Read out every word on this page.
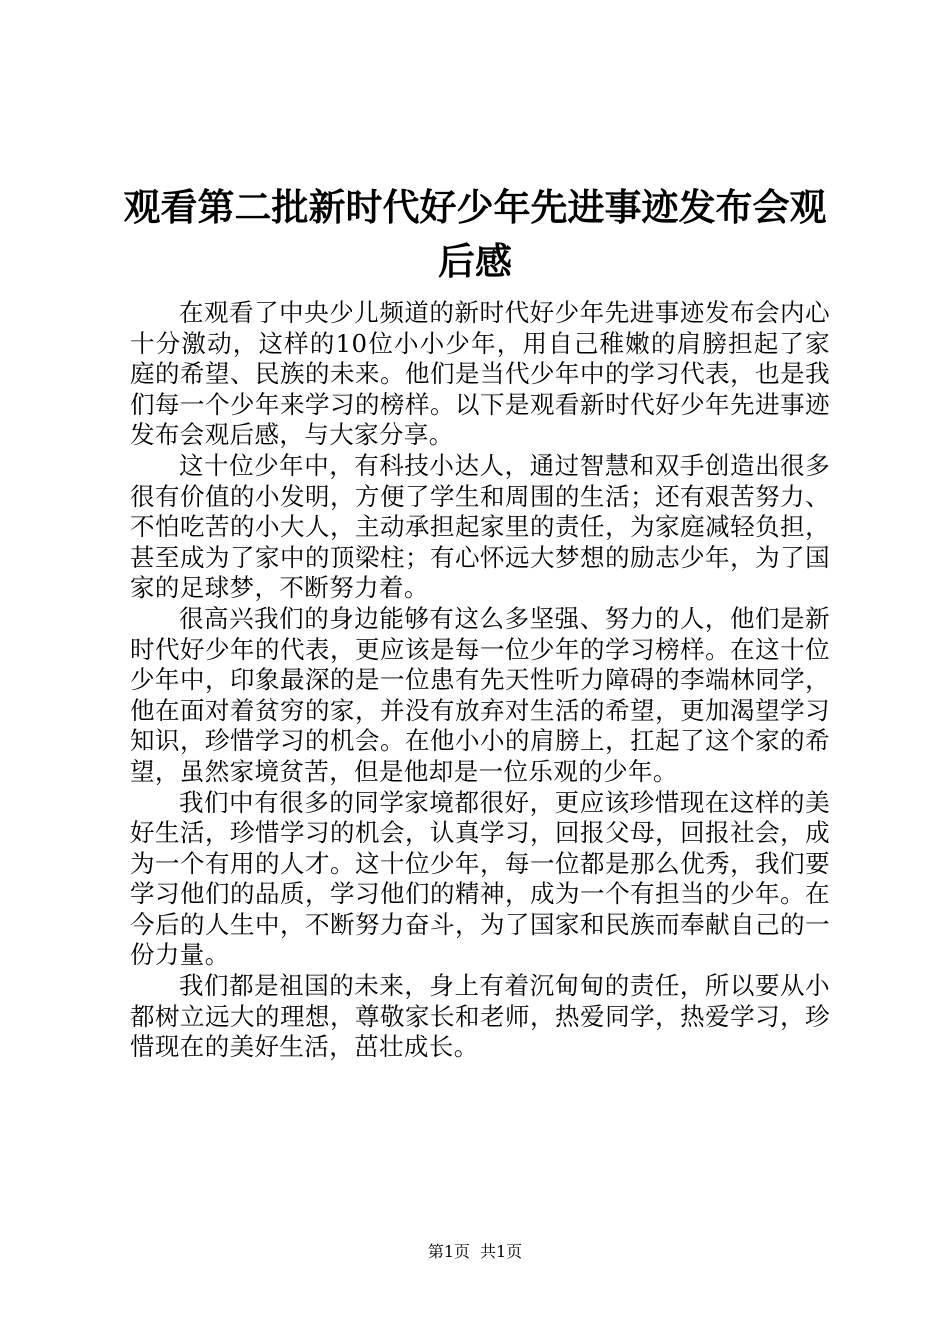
观看第二批新时代好少年先进事迹发布会观后感

在观看了中央少儿频道的新时代好少年先进事迹发布会内心十分激动，这样的10位小小少年，用自己稚嫩的肩膀担起了家庭的希望、民族的未来。他们是当代少年中的学习代表，也是我们每一个少年来学习的榜样。以下是观看新时代好少年先进事迹发布会观后感，与大家分享。

这十位少年中，有科技小达人，通过智慧和双手创造出很多很有价值的小发明，方便了学生和周围的生活；还有艰苦努力、不怕吃苦的小大人，主动承担起家里的责任，为家庭减轻负担，甚至成为了家中的顶梁柱；有心怀远大梦想的励志少年，为了国家的足球梦，不断努力着。

很高兴我们的身边能够有这么多坚强、努力的人，他们是新时代好少年的代表，更应该是每一位少年的学习榜样。在这十位少年中，印象最深的是一位患有先天性听力障碍的李端林同学，他在面对着贫穷的家，并没有放弃对生活的希望，更加渴望学习知识，珍惜学习的机会。在他小小的肩膀上，扛起了这个家的希望，虽然家境贫苦，但是他却是一位乐观的少年。

我们中有很多的同学家境都很好，更应该珍惜现在这样的美好生活，珍惜学习的机会，认真学习，回报父母，回报社会，成为一个有用的人才。这十位少年，每一位都是那么优秀，我们要学习他们的品质，学习他们的精神，成为一个有担当的少年。在今后的人生中，不断努力奋斗，为了国家和民族而奉献自己的一份力量。

我们都是祖国的未来，身上有着沉甸甸的责任，所以要从小都树立远大的理想，尊敬家长和老师，热爱同学，热爱学习，珍惜现在的美好生活，茁壮成长。

第1页 共1页
